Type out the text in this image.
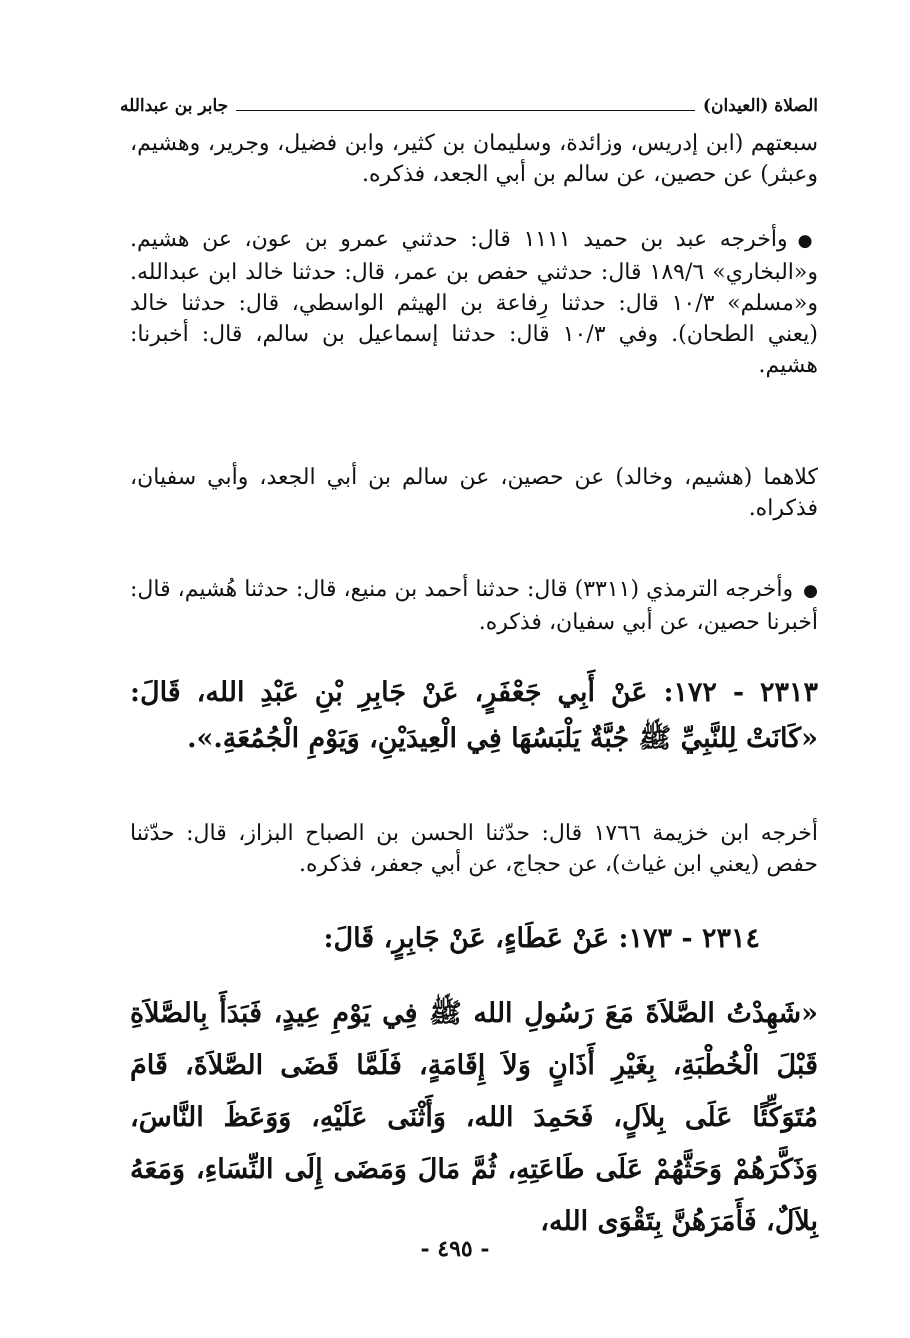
الصلاة (العيدان)
جابر بن عبدالله

سبعتهم (ابن إدريس، وزائدة، وسليمان بن كثير، وابن فضيل، وجرير، وهشيم، وعبثر) عن حصين، عن سالم بن أبي الجعد، فذكره.

● وأخرجه عبد بن حميد ١١١١ قال: حدثني عمرو بن عون، عن هشيم. و«البخاري» ١٨٩/٦ قال: حدثني حفص بن عمر، قال: حدثنا خالد ابن عبدالله. و«مسلم» ١٠/٣ قال: حدثنا رِفاعة بن الهيثم الواسطي، قال: حدثنا خالد (يعني الطحان). وفي ١٠/٣ قال: حدثنا إسماعيل بن سالم، قال: أخبرنا: هشيم.

كلاهما (هشيم، وخالد) عن حصين، عن سالم بن أبي الجعد، وأبي سفيان، فذكراه.

● وأخرجه الترمذي (٣٣١١) قال: حدثنا أحمد بن منيع، قال: حدثنا هُشيم، قال: أخبرنا حصين، عن أبي سفيان، فذكره.

٢٣١٣ - ١٧٢: عَنْ أَبِي جَعْفَرٍ، عَنْ جَابِرِ بْنِ عَبْدِ الله، قَالَ: «كَانَتْ لِلنَّبِيِّ ﷺ جُبَّةٌ يَلْبَسُهَا فِي الْعِيدَيْنِ، وَيَوْمِ الْجُمُعَةِ.».

أخرجه ابن خزيمة ١٧٦٦ قال: حدّثنا الحسن بن الصباح البزاز، قال: حدّثنا حفص (يعني ابن غياث)، عن حجاج، عن أبي جعفر، فذكره.

٢٣١٤ - ١٧٣: عَنْ عَطَاءٍ، عَنْ جَابِرٍ، قَالَ:

«شَهِدْتُ الصَّلاَةَ مَعَ رَسُولِ الله ﷺ فِي يَوْمِ عِيدٍ، فَبَدَأَ بِالصَّلاَةِ قَبْلَ الْخُطْبَةِ، بِغَيْرِ أَذَانٍ وَلاَ إِقَامَةٍ، فَلَمَّا قَضَى الصَّلاَةَ، قَامَ مُتَوَكِّئًا عَلَى بِلاَلٍ، فَحَمِدَ الله، وَأَثْنَى عَلَيْهِ، وَوَعَظَ النَّاسَ، وَذَكَّرَهُمْ وَحَثَّهُمْ عَلَى طَاعَتِهِ، ثُمَّ مَالَ وَمَضَى إِلَى النِّسَاءِ، وَمَعَهُ بِلاَلٌ، فَأَمَرَهُنَّ بِتَقْوَى الله،

- ٤٩٥ -
